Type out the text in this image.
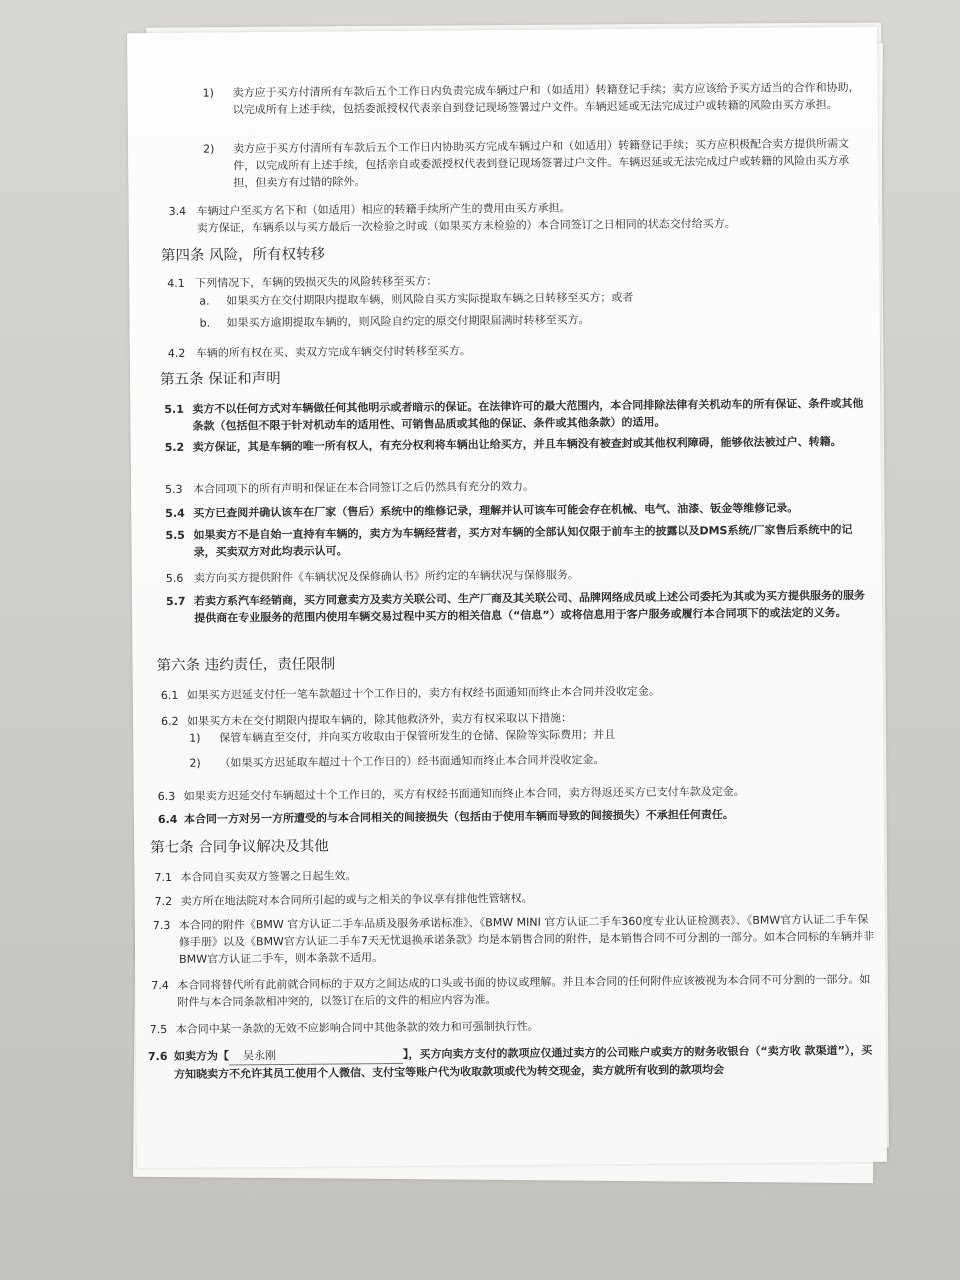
1) 卖方应于买方付清所有车款后五个工作日内负责完成车辆过户和（如适用）转籍登记手续；卖方应该给予买方适当的合作和协助，以完成所有上述手续，包括委派授权代表亲自到登记现场签署过户文件。车辆迟延或无法完成过户或转籍的风险由买方承担。
2) 卖方应于买方付清所有车款后五个工作日内协助买方完成车辆过户和（如适用）转籍登记手续；买方应积极配合卖方提供所需文件，以完成所有上述手续，包括亲自或委派授权代表到登记现场签署过户文件。车辆迟延或无法完成过户或转籍的风险由买方承担，但卖方有过错的除外。
3.4 车辆过户至买方名下和（如适用）相应的转籍手续所产生的费用由买方承担。
卖方保证，车辆系以与买方最后一次检验之时或（如果买方未检验的）本合同签订之日相同的状态交付给买方。
第四条 风险，所有权转移
4.1 下列情况下，车辆的毁损灭失的风险转移至买方：
a. 如果买方在交付期限内提取车辆，则风险自买方实际提取车辆之日转移至买方；或者
b. 如果买方逾期提取车辆的，则风险自约定的原交付期限届满时转移至买方。
4.2 车辆的所有权在买、卖双方完成车辆交付时转移至买方。
第五条 保证和声明
5.1 卖方不以任何方式对车辆做任何其他明示或者暗示的保证。在法律许可的最大范围内，本合同排除法律有关机动车的所有保证、条件或其他条款（包括但不限于针对机动车的适用性、可销售品质或其他的保证、条件或其他条款）的适用。
5.2 卖方保证，其是车辆的唯一所有权人，有充分权利将车辆出让给买方，并且车辆没有被查封或其他权利障碍，能够依法被过户、转籍。
5.3 本合同项下的所有声明和保证在本合同签订之后仍然具有充分的效力。
5.4 买方已查阅并确认该车在厂家（售后）系统中的维修记录，理解并认可该车可能会存在机械、电气、油漆、钣金等维修记录。
5.5 如果卖方不是自始一直持有车辆的，卖方为车辆经营者，买方对车辆的全部认知仅限于前车主的披露以及DMS系统/厂家售后系统中的记录，买卖双方对此均表示认可。
5.6 卖方向买方提供附件《车辆状况及保修确认书》所约定的车辆状况与保修服务。
5.7 若卖方系汽车经销商，买方同意卖方及卖方关联公司、生产厂商及其关联公司、品牌网络成员或上述公司委托为其或为买方提供服务的服务提供商在专业服务的范围内使用车辆交易过程中买方的相关信息（“信息”）或将信息用于客户服务或履行本合同项下的或法定的义务。
第六条 违约责任，责任限制
6.1 如果买方迟延支付任一笔车款超过十个工作日的，卖方有权经书面通知而终止本合同并没收定金。
6.2 如果买方未在交付期限内提取车辆的，除其他救济外，卖方有权采取以下措施：
1) 保管车辆直至交付，并向买方收取由于保管所发生的仓储、保险等实际费用；并且
2) （如果买方迟延取车超过十个工作日的）经书面通知而终止本合同并没收定金。
6.3 如果卖方迟延交付车辆超过十个工作日的，买方有权经书面通知而终止本合同，卖方得返还买方已支付车款及定金。
6.4 本合同一方对另一方所遭受的与本合同相关的间接损失（包括由于使用车辆而导致的间接损失）不承担任何责任。
第七条 合同争议解决及其他
7.1 本合同自买卖双方签署之日起生效。
7.2 卖方所在地法院对本合同所引起的或与之相关的争议享有排他性管辖权。
7.3 本合同的附件《BMW 官方认证二手车品质及服务承诺标准》、《BMW MINI 官方认证二手车360度专业认证检测表》、《BMW官方认证二手车保修手册》以及《BMW官方认证二手车7天无忧退换承诺条款》均是本销售合同的附件，是本销售合同不可分割的一部分。如本合同标的车辆并非BMW官方认证二手车，则本条款不适用。
7.4 本合同将替代所有此前就合同标的于双方之间达成的口头或书面的协议或理解。并且本合同的任何附件应该被视为本合同不可分割的一部分。如附件与本合同条款相冲突的，以签订在后的文件的相应内容为准。
7.5 本合同中某一条款的无效不应影响合同中其他条款的效力和可强制执行性。
7.6 如卖方为【 吴永刚	】，买方向卖方支付的款项应仅通过卖方的公司账户或卖方的财务收银台（“卖方收 款渠道”），买方知晓卖方不允许其员工使用个人微信、支付宝等账户代为收取款项或代为转交现金，卖方就所有收到的款项均会
